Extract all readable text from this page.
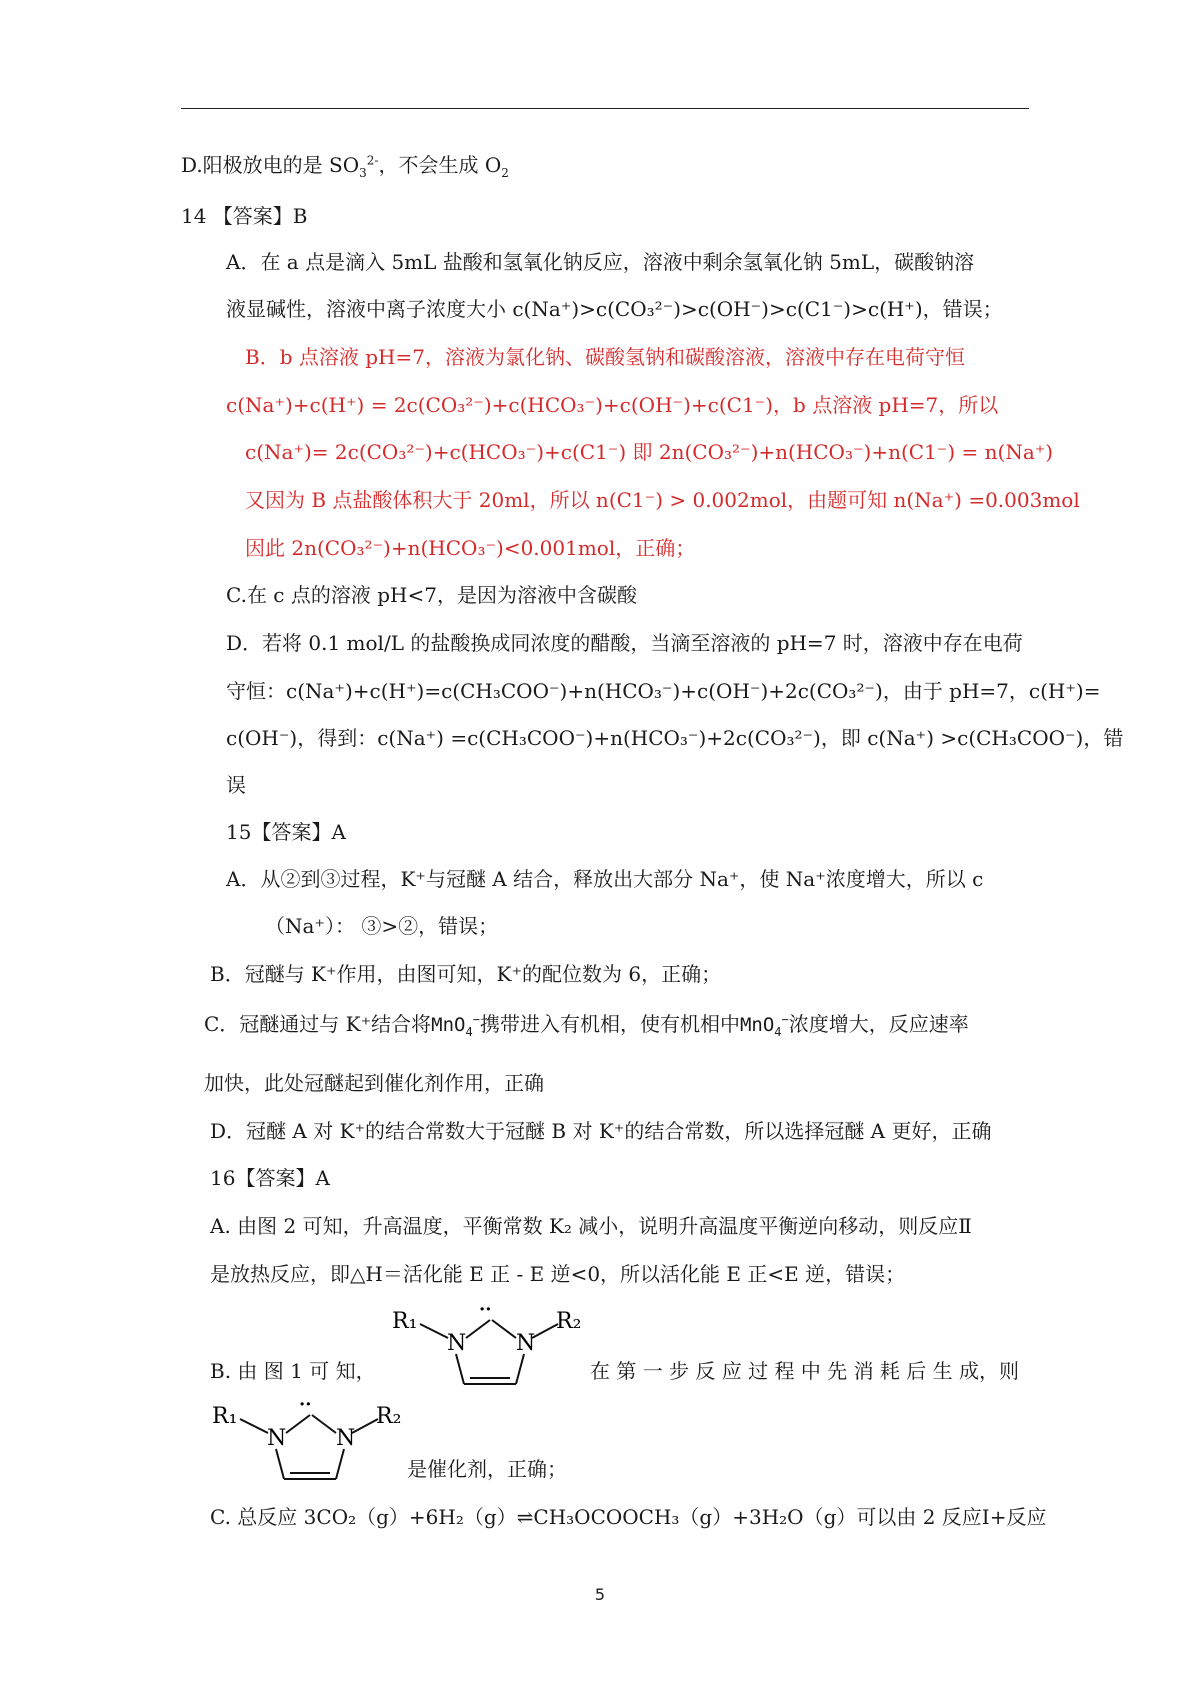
D.阳极放电的是 $SO_3^{2-}$，不会生成 $O_2$
14 【答案】B
A．在 a 点是滴入 5mL 盐酸和氢氧化钠反应，溶液中剩余氢氧化钠 5mL，碳酸钠溶
液显碱性，溶液中离子浓度大小 c(Na⁺)>c(CO₃²⁻)>c(OH⁻)>c(C1⁻)>c(H⁺)，错误；
B．b 点溶液 pH=7，溶液为氯化钠、碳酸氢钠和碳酸溶液，溶液中存在电荷守恒
c(Na⁺)+c(H⁺) = 2c(CO₃²⁻)+c(HCO₃⁻)+c(OH⁻)+c(C1⁻)，b 点溶液 pH=7，所以
c(Na⁺)= 2c(CO₃²⁻)+c(HCO₃⁻)+c(C1⁻) 即 2n(CO₃²⁻)+n(HCO₃⁻)+n(C1⁻) = n(Na⁺)
又因为 B 点盐酸体积大于 20ml，所以 n(C1⁻) > 0.002mol，由题可知 n(Na⁺) =0.003mol
因此 2n(CO₃²⁻)+n(HCO₃⁻)<0.001mol，正确；
C.在 c 点的溶液 pH<7，是因为溶液中含碳酸
D．若将 0.1 mol/L 的盐酸换成同浓度的醋酸，当滴至溶液的 pH=7 时，溶液中存在电荷
守恒：c(Na⁺)+c(H⁺)=c(CH₃COO⁻)+n(HCO₃⁻)+c(OH⁻)+2c(CO₃²⁻)，由于 pH=7，c(H⁺)=
c(OH⁻)，得到：c(Na⁺) =c(CH₃COO⁻)+n(HCO₃⁻)+2c(CO₃²⁻)，即 c(Na⁺) >c(CH₃COO⁻)，错
误
15【答案】A
A．从②到③过程，K⁺与冠醚 A 结合，释放出大部分 Na⁺，使 Na⁺浓度增大，所以 c
（Na⁺）： ③>②，错误；
B．冠醚与 K⁺作用，由图可知，K⁺的配位数为 6，正确；
C．冠醚通过与 K⁺结合将MnO$_4$−携带进入有机相，使有机相中MnO$_4$−浓度增大，反应速率
加快，此处冠醚起到催化剂作用，正确
D．冠醚 A 对 K⁺的结合常数大于冠醚 B 对 K⁺的结合常数，所以选择冠醚 A 更好，正确
16【答案】A
A. 由图 2 可知，升高温度，平衡常数 K₂ 减小，说明升高温度平衡逆向移动，则反应Ⅱ
是放热反应，即△H＝活化能 E 正 - E 逆<0，所以活化能 E 正<E 逆，错误；
B. 由 图 1 可 知，	在 第 一 步 反 应 过 程 中 先 消 耗 后 生 成，则
R₁
N
··
N
R₂
R₁
N
··
N
R₂
是催化剂，正确；
C. 总反应 3CO₂（g）+6H₂（g）⇌CH₃OCOOCH₃（g）+3H₂O（g）可以由 2 反应Ⅰ+反应
5
